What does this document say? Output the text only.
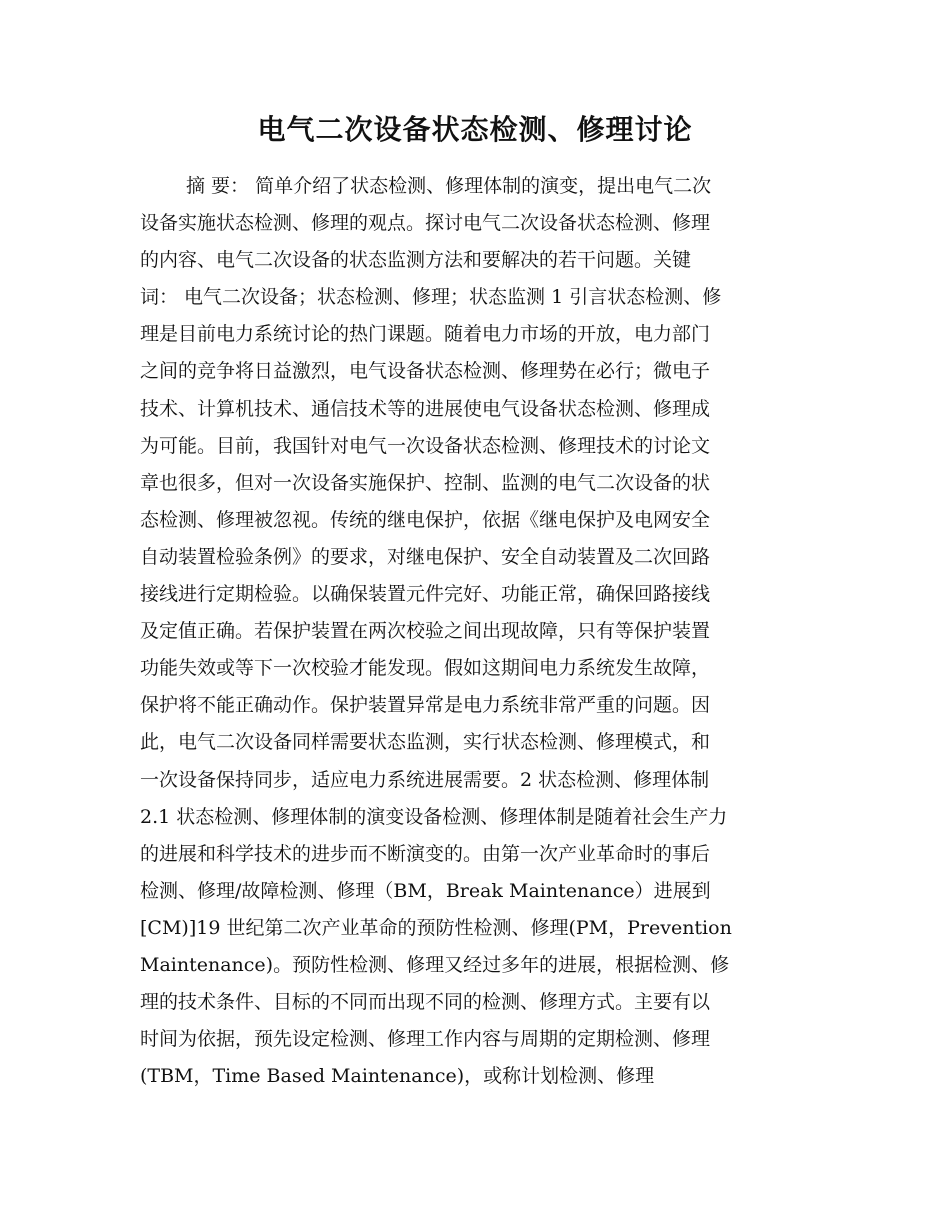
电气二次设备状态检测、修理讨论
摘 要： 简单介绍了状态检测、修理体制的演变，提出电气二次
设备实施状态检测、修理的观点。探讨电气二次设备状态检测、修理
的内容、电气二次设备的状态监测方法和要解决的若干问题。关键
词： 电气二次设备；状态检测、修理；状态监测 1 引言状态检测、修
理是目前电力系统讨论的热门课题。随着电力市场的开放，电力部门
之间的竞争将日益激烈，电气设备状态检测、修理势在必行；微电子
技术、计算机技术、通信技术等的进展使电气设备状态检测、修理成
为可能。目前，我国针对电气一次设备状态检测、修理技术的讨论文
章也很多，但对一次设备实施保护、控制、监测的电气二次设备的状
态检测、修理被忽视。传统的继电保护，依据《继电保护及电网安全
自动装置检验条例》的要求，对继电保护、安全自动装置及二次回路
接线进行定期检验。以确保装置元件完好、功能正常，确保回路接线
及定值正确。若保护装置在两次校验之间出现故障，只有等保护装置
功能失效或等下一次校验才能发现。假如这期间电力系统发生故障，
保护将不能正确动作。保护装置异常是电力系统非常严重的问题。因
此，电气二次设备同样需要状态监测，实行状态检测、修理模式，和
一次设备保持同步，适应电力系统进展需要。2 状态检测、修理体制
2.1 状态检测、修理体制的演变设备检测、修理体制是随着社会生产力
的进展和科学技术的进步而不断演变的。由第一次产业革命时的事后
检测、修理/故障检测、修理（BM，Break Maintenance）进展到
[CM)]19 世纪第二次产业革命的预防性检测、修理(PM，Prevention
Maintenance)。预防性检测、修理又经过多年的进展，根据检测、修
理的技术条件、目标的不同而出现不同的检测、修理方式。主要有以
时间为依据，预先设定检测、修理工作内容与周期的定期检测、修理
(TBM，Time Based Maintenance)，或称计划检测、修理
